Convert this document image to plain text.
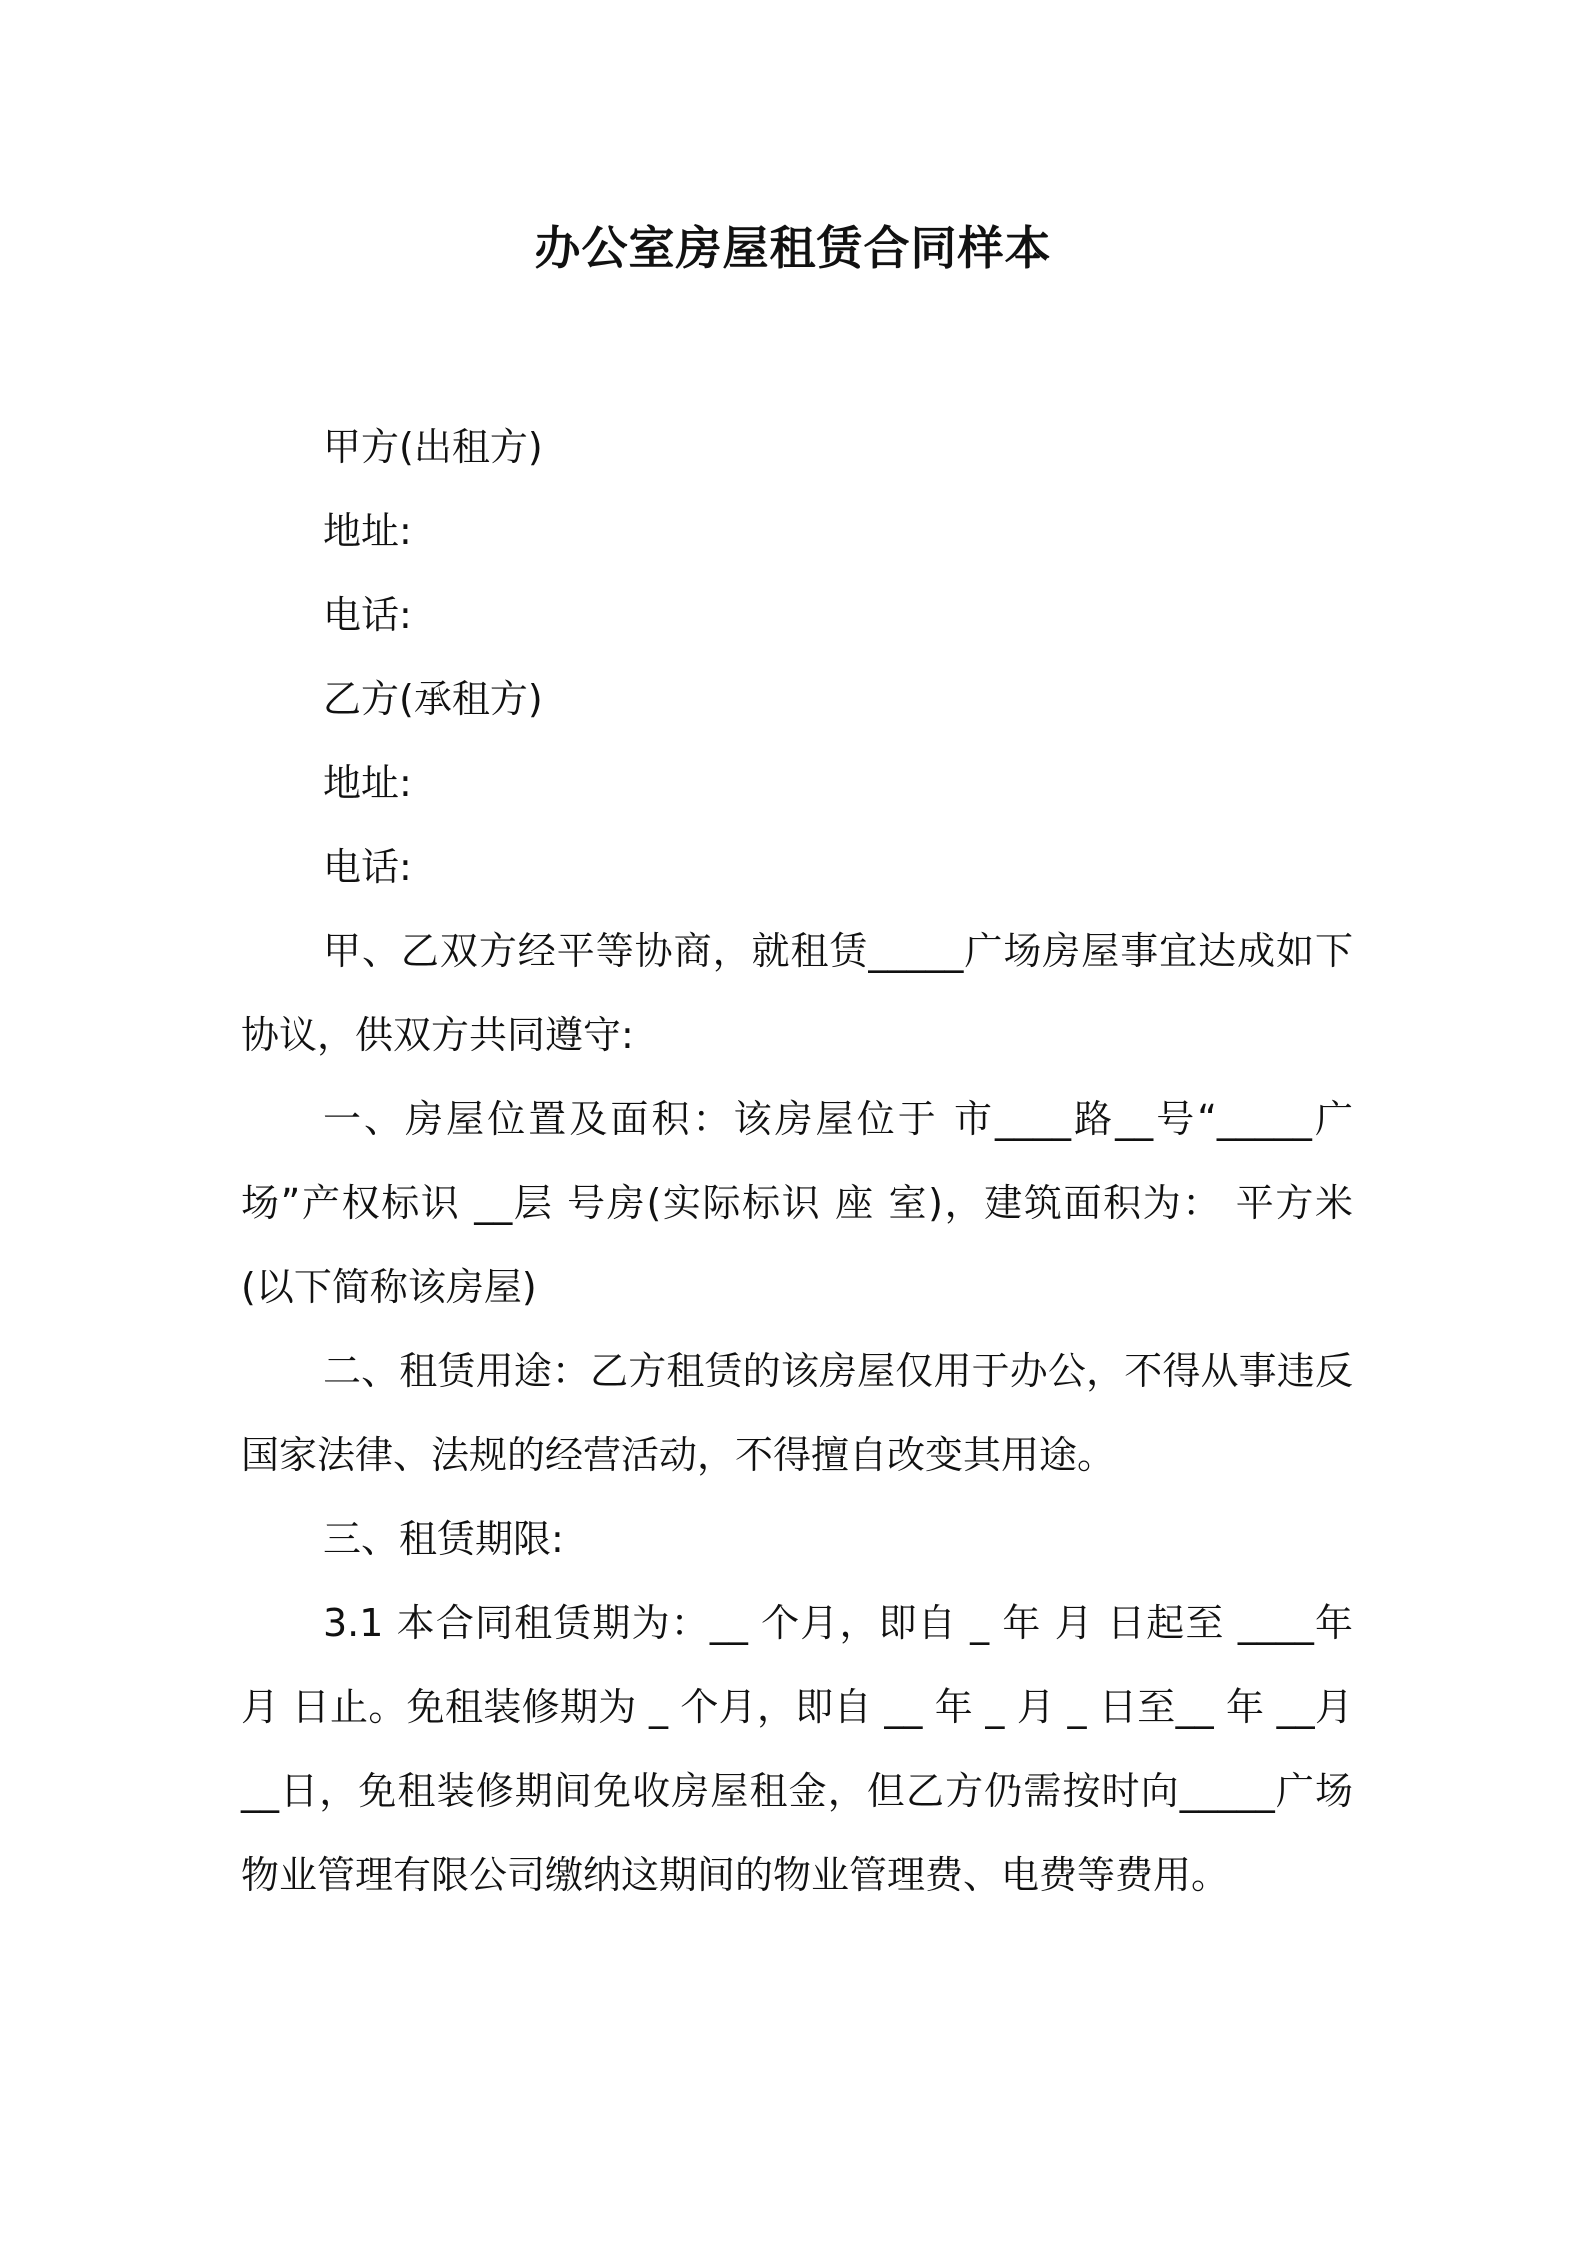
办公室房屋租赁合同样本

甲方(出租方)

地址:

电话:

乙方(承租方)

地址:

电话:

甲、乙双方经平等协商，就租赁_____广场房屋事宜达成如下协议，供双方共同遵守:

一、房屋位置及面积：该房屋位于 市____路__号“_____广场”产权标识 __层 号房(实际标识 座 室)，建筑面积为： 平方米(以下简称该房屋)

二、租赁用途：乙方租赁的该房屋仅用于办公，不得从事违反国家法律、法规的经营活动，不得擅自改变其用途。

三、租赁期限:

3.1 本合同租赁期为：__ 个月，即自 _ 年 月 日起至 ____年 月 日止。免租装修期为 _ 个月，即自 __ 年 _ 月 _ 日至__ 年 __月 __日，免租装修期间免收房屋租金，但乙方仍需按时向_____广场物业管理有限公司缴纳这期间的物业管理费、电费等费用。
